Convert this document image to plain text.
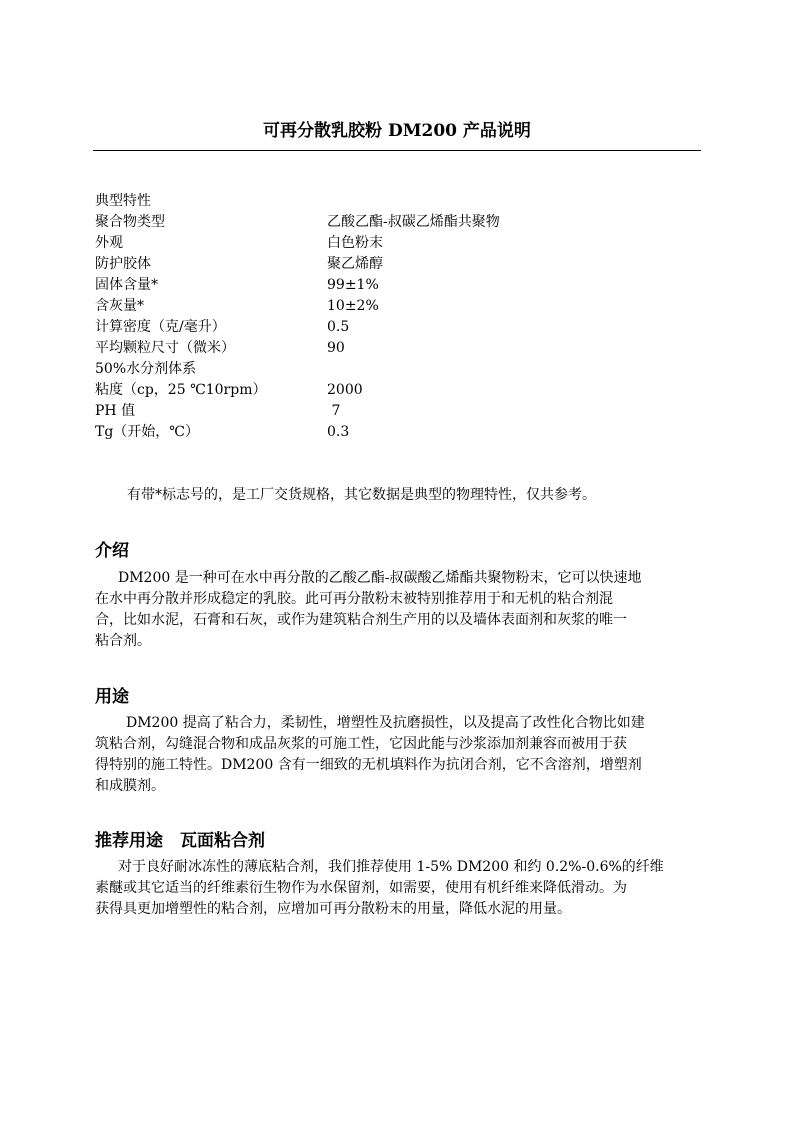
可再分散乳胶粉 DM200 产品说明
典型特性
聚合物类型	乙酸乙酯-叔碳乙烯酯共聚物
外观	白色粉末
防护胶体	聚乙烯醇
固体含量*	99±1%
含灰量*	10±2%
计算密度（克/毫升）	0.5
平均颗粒尺寸（微米）	90
50%水分剂体系
粘度（cp，25 ℃10rpm）	2000
PH 值	7
Tg（开始，℃）	0.3
有带*标志号的，是工厂交货规格，其它数据是典型的物理特性，仅共参考。
介绍
DM200 是一种可在水中再分散的乙酸乙酯-叔碳酸乙烯酯共聚物粉末，它可以快速地
在水中再分散并形成稳定的乳胶。此可再分散粉末被特别推荐用于和无机的粘合剂混
合，比如水泥，石膏和石灰，或作为建筑粘合剂生产用的以及墙体表面剂和灰浆的唯一
粘合剂。
用途
DM200 提高了粘合力，柔韧性，增塑性及抗磨损性，以及提高了改性化合物比如建
筑粘合剂，勾缝混合物和成品灰浆的可施工性，它因此能与沙浆添加剂兼容而被用于获
得特别的施工特性。DM200 含有一细致的无机填料作为抗闭合剂，它不含溶剂，增塑剂
和成膜剂。
推荐用途　瓦面粘合剂
对于良好耐冰冻性的薄底粘合剂，我们推荐使用 1-5% DM200 和约 0.2%-0.6%的纤维
素醚或其它适当的纤维素衍生物作为水保留剂，如需要，使用有机纤维来降低滑动。为
获得具更加增塑性的粘合剂，应增加可再分散粉末的用量，降低水泥的用量。
